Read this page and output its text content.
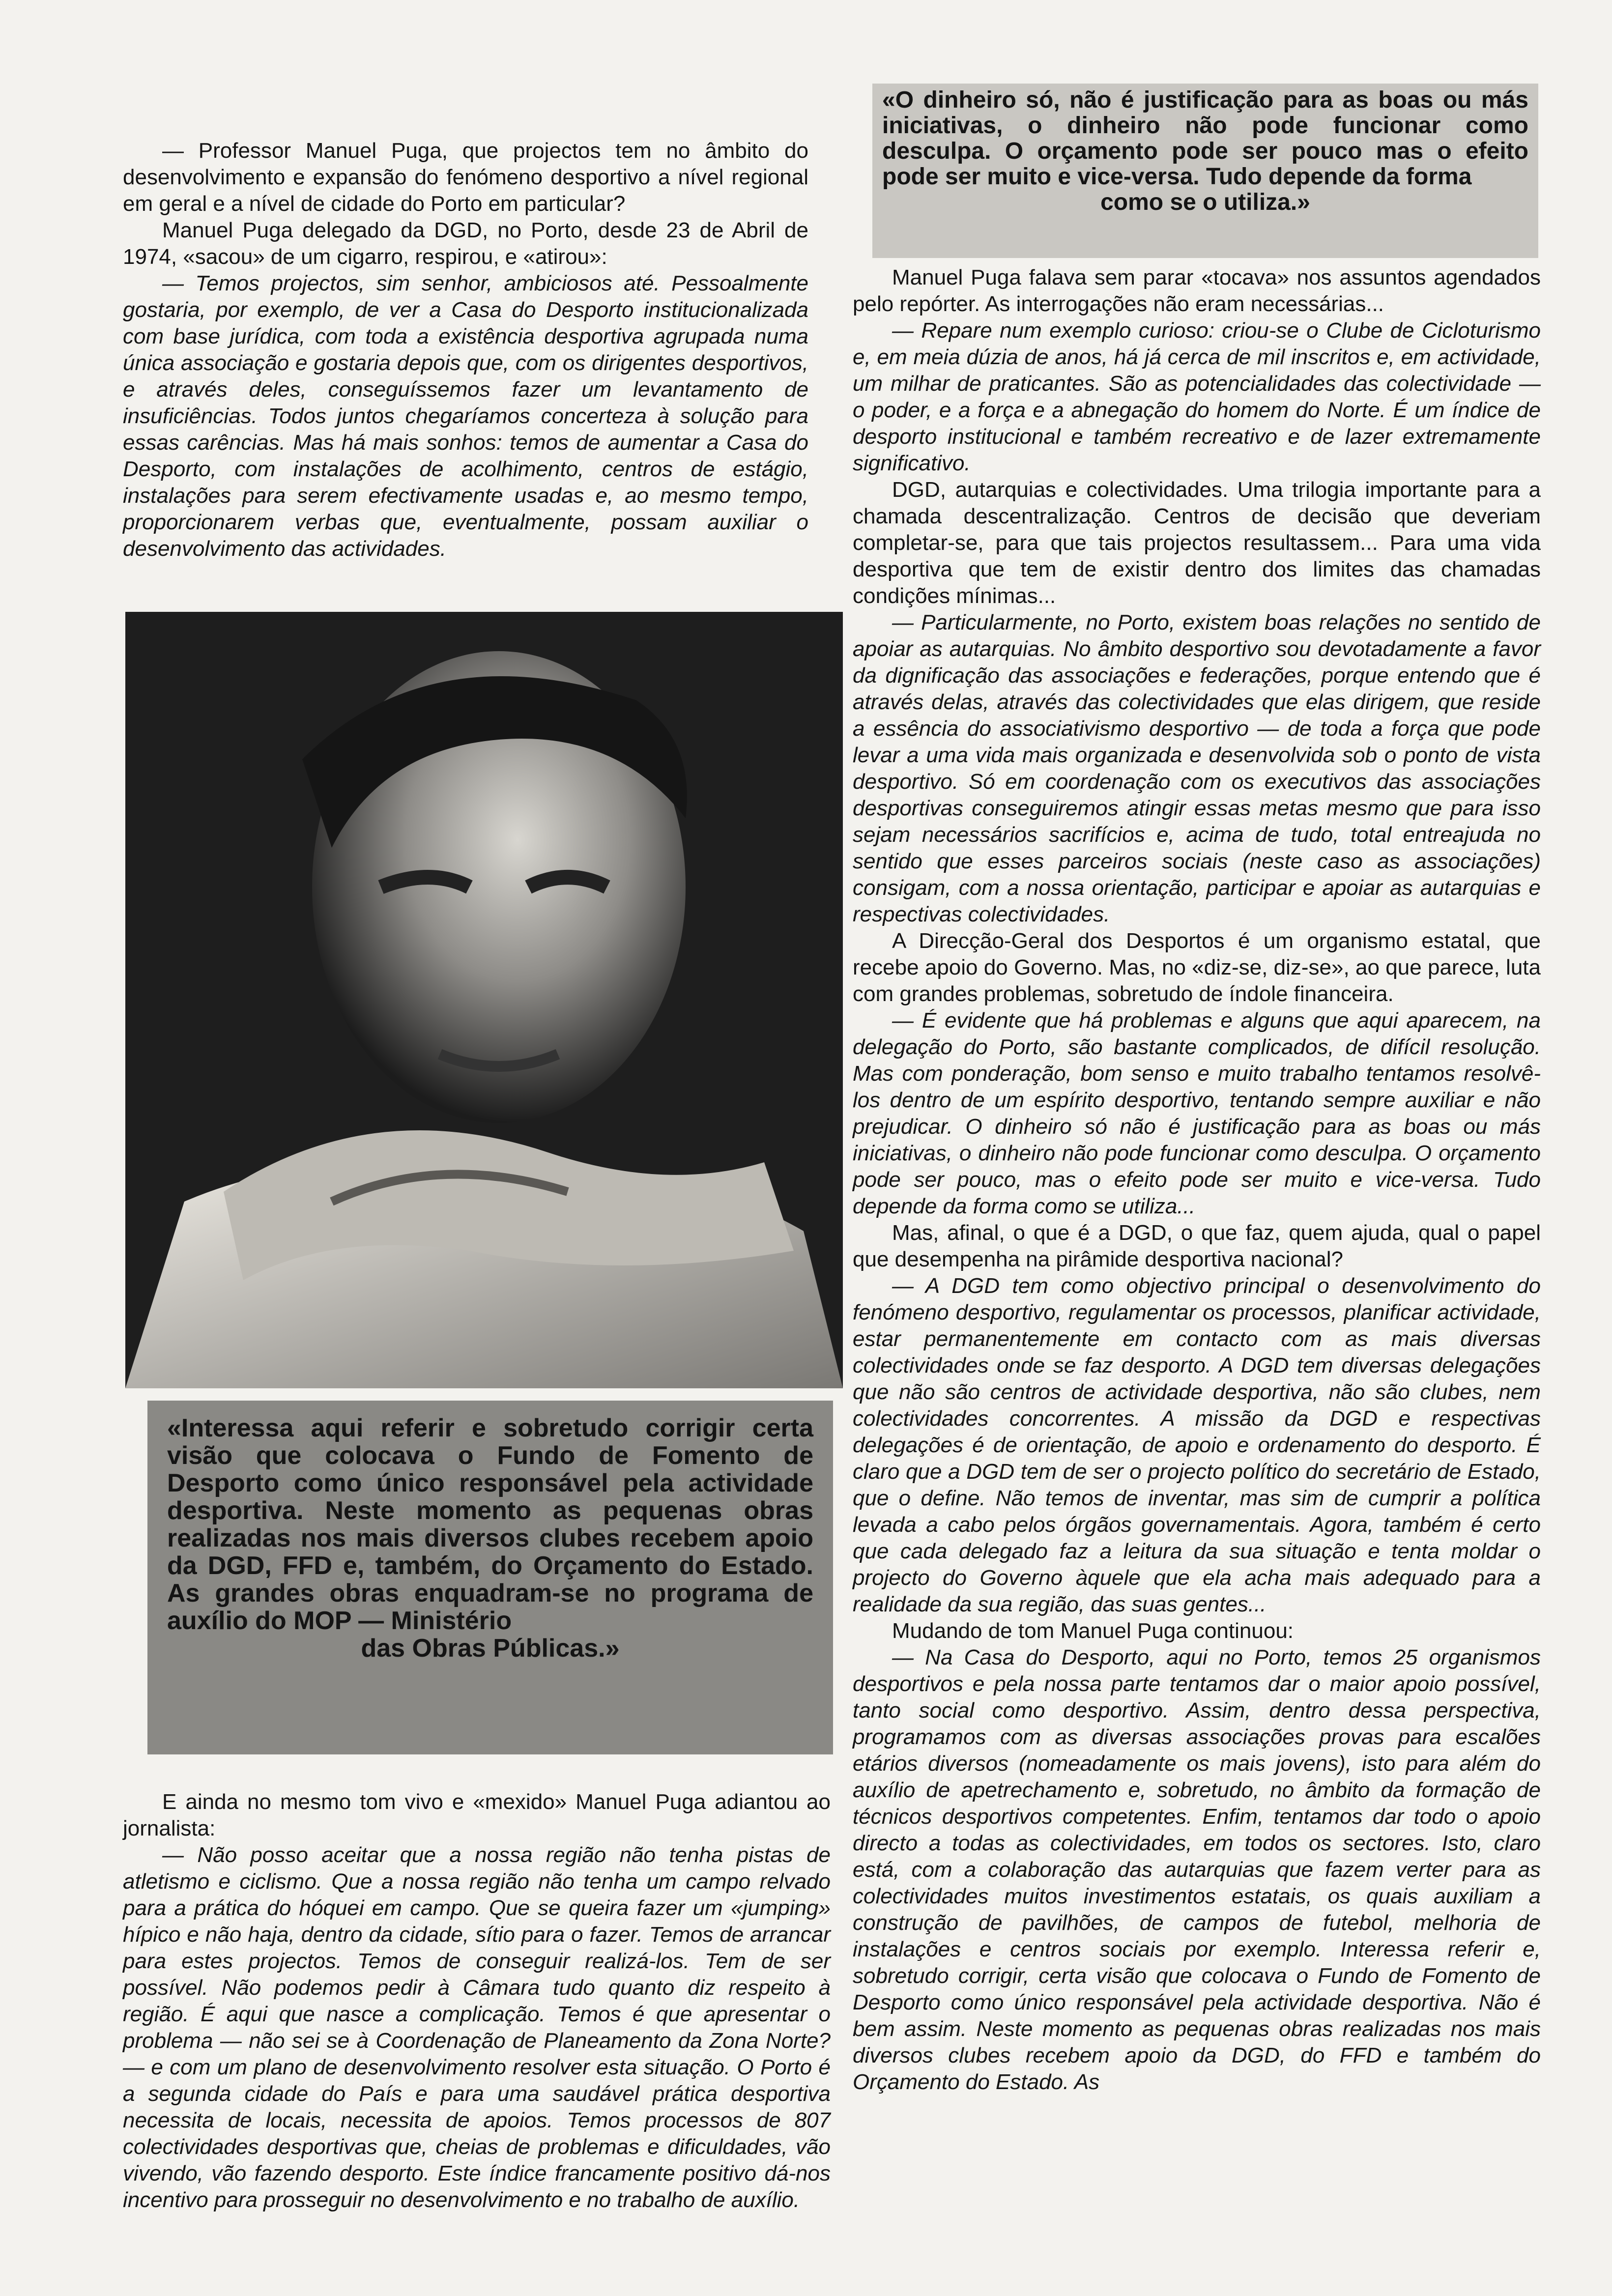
— Professor Manuel Puga, que projectos tem no âmbito do desenvolvimento e expansão do fenómeno desportivo a nível regional em geral e a nível de cidade do Porto em particular?

Manuel Puga delegado da DGD, no Porto, desde 23 de Abril de 1974, «sacou» de um cigarro, respirou, e «atirou»:

— Temos projectos, sim senhor, ambiciosos até. Pessoalmente gostaria, por exemplo, de ver a Casa do Desporto institucionalizada com base jurídica, com toda a existência desportiva agrupada numa única associação e gostaria depois que, com os dirigentes desportivos, e através deles, conseguíssemos fazer um levantamento de insuficiências. Todos juntos chegaríamos concerteza à solução para essas carências. Mas há mais sonhos: temos de aumentar a Casa do Desporto, com instalações de acolhimento, centros de estágio, instalações para serem efectivamente usadas e, ao mesmo tempo, proporcionarem verbas que, eventualmente, possam auxiliar o desenvolvimento das actividades.

«O dinheiro só, não é justificação para as boas ou más iniciativas, o dinheiro não pode funcionar como desculpa. O orçamento pode ser pouco mas o efeito pode ser muito e vice-versa. Tudo depende da forma
como se o utiliza.»
«Interessa aqui referir e sobretudo corrigir certa visão que colocava o Fundo de Fomento de Desporto como único responsável pela actividade desportiva. Neste momento as pequenas obras realizadas nos mais diversos clubes recebem apoio da DGD, FFD e, também, do Orçamento do Estado. As grandes obras enquadram-se no programa de auxílio do MOP — Ministério
das Obras Públicas.»

E ainda no mesmo tom vivo e «mexido» Manuel Puga adiantou ao jornalista:

— Não posso aceitar que a nossa região não tenha pistas de atletismo e ciclismo. Que a nossa região não tenha um campo relvado para a prática do hóquei em campo. Que se queira fazer um «jumping» hípico e não haja, dentro da cidade, sítio para o fazer. Temos de arrancar para estes projectos. Temos de conseguir realizá-los. Tem de ser possível. Não podemos pedir à Câmara tudo quanto diz respeito à região. É aqui que nasce a complicação. Temos é que apresentar o problema — não sei se à Coordenação de Planeamento da Zona Norte? — e com um plano de desenvolvimento resolver esta situação. O Porto é a segunda cidade do País e para uma saudável prática desportiva necessita de locais, necessita de apoios. Temos processos de 807 colectividades desportivas que, cheias de problemas e dificuldades, vão vivendo, vão fazendo desporto. Este índice francamente positivo dá-nos incentivo para prosseguir no desenvolvimento e no trabalho de auxílio.

Manuel Puga falava sem parar «tocava» nos assuntos agendados pelo repórter. As interrogações não eram necessárias...

— Repare num exemplo curioso: criou-se o Clube de Cicloturismo e, em meia dúzia de anos, há já cerca de mil inscritos e, em actividade, um milhar de praticantes. São as potencialidades das colectividade — o poder, e a força e a abnegação do homem do Norte. É um índice de desporto institucional e também recreativo e de lazer extremamente significativo.

DGD, autarquias e colectividades. Uma trilogia importante para a chamada descentralização. Centros de decisão que deveriam completar-se, para que tais projectos resultassem... Para uma vida desportiva que tem de existir dentro dos limites das chamadas condições mínimas...

— Particularmente, no Porto, existem boas relações no sentido de apoiar as autarquias. No âmbito desportivo sou devotadamente a favor da dignificação das associações e federações, porque entendo que é através delas, através das colectividades que elas dirigem, que reside a essência do associativismo desportivo — de toda a força que pode levar a uma vida mais organizada e desenvolvida sob o ponto de vista desportivo. Só em coordenação com os executivos das associações desportivas conseguiremos atingir essas metas mesmo que para isso sejam necessários sacrifícios e, acima de tudo, total entreajuda no sentido que esses parceiros sociais (neste caso as associações) consigam, com a nossa orientação, participar e apoiar as autarquias e respectivas colectividades.

A Direcção-Geral dos Desportos é um organismo estatal, que recebe apoio do Governo. Mas, no «diz-se, diz-se», ao que parece, luta com grandes problemas, sobretudo de índole financeira.

— É evidente que há problemas e alguns que aqui aparecem, na delegação do Porto, são bastante complicados, de difícil resolução. Mas com ponderação, bom senso e muito trabalho tentamos resolvê-los dentro de um espírito desportivo, tentando sempre auxiliar e não prejudicar. O dinheiro só não é justificação para as boas ou más iniciativas, o dinheiro não pode funcionar como desculpa. O orçamento pode ser pouco, mas o efeito pode ser muito e vice-versa. Tudo depende da forma como se utiliza...

Mas, afinal, o que é a DGD, o que faz, quem ajuda, qual o papel que desempenha na pirâmide desportiva nacional?

— A DGD tem como objectivo principal o desenvolvimento do fenómeno desportivo, regulamentar os processos, planificar actividade, estar permanentemente em contacto com as mais diversas colectividades onde se faz desporto. A DGD tem diversas delegações que não são centros de actividade desportiva, não são clubes, nem colectividades concorrentes. A missão da DGD e respectivas delegações é de orientação, de apoio e ordenamento do desporto. É claro que a DGD tem de ser o projecto político do secretário de Estado, que o define. Não temos de inventar, mas sim de cumprir a política levada a cabo pelos órgãos governamentais. Agora, também é certo que cada delegado faz a leitura da sua situação e tenta moldar o projecto do Governo àquele que ela acha mais adequado para a realidade da sua região, das suas gentes...

Mudando de tom Manuel Puga continuou:

— Na Casa do Desporto, aqui no Porto, temos 25 organismos desportivos e pela nossa parte tentamos dar o maior apoio possível, tanto social como desportivo. Assim, dentro dessa perspectiva, programamos com as diversas associações provas para escalões etários diversos (nomeadamente os mais jovens), isto para além do auxílio de apetrechamento e, sobretudo, no âmbito da formação de técnicos desportivos competentes. Enfim, tentamos dar todo o apoio directo a todas as colectividades, em todos os sectores. Isto, claro está, com a colaboração das autarquias que fazem verter para as colectividades muitos investimentos estatais, os quais auxiliam a construção de pavilhões, de campos de futebol, melhoria de instalações e centros sociais por exemplo. Interessa referir e, sobretudo corrigir, certa visão que colocava o Fundo de Fomento de Desporto como único responsável pela actividade desportiva. Não é bem assim. Neste momento as pequenas obras realizadas nos mais diversos clubes recebem apoio da DGD, do FFD e também do Orçamento do Estado. As
